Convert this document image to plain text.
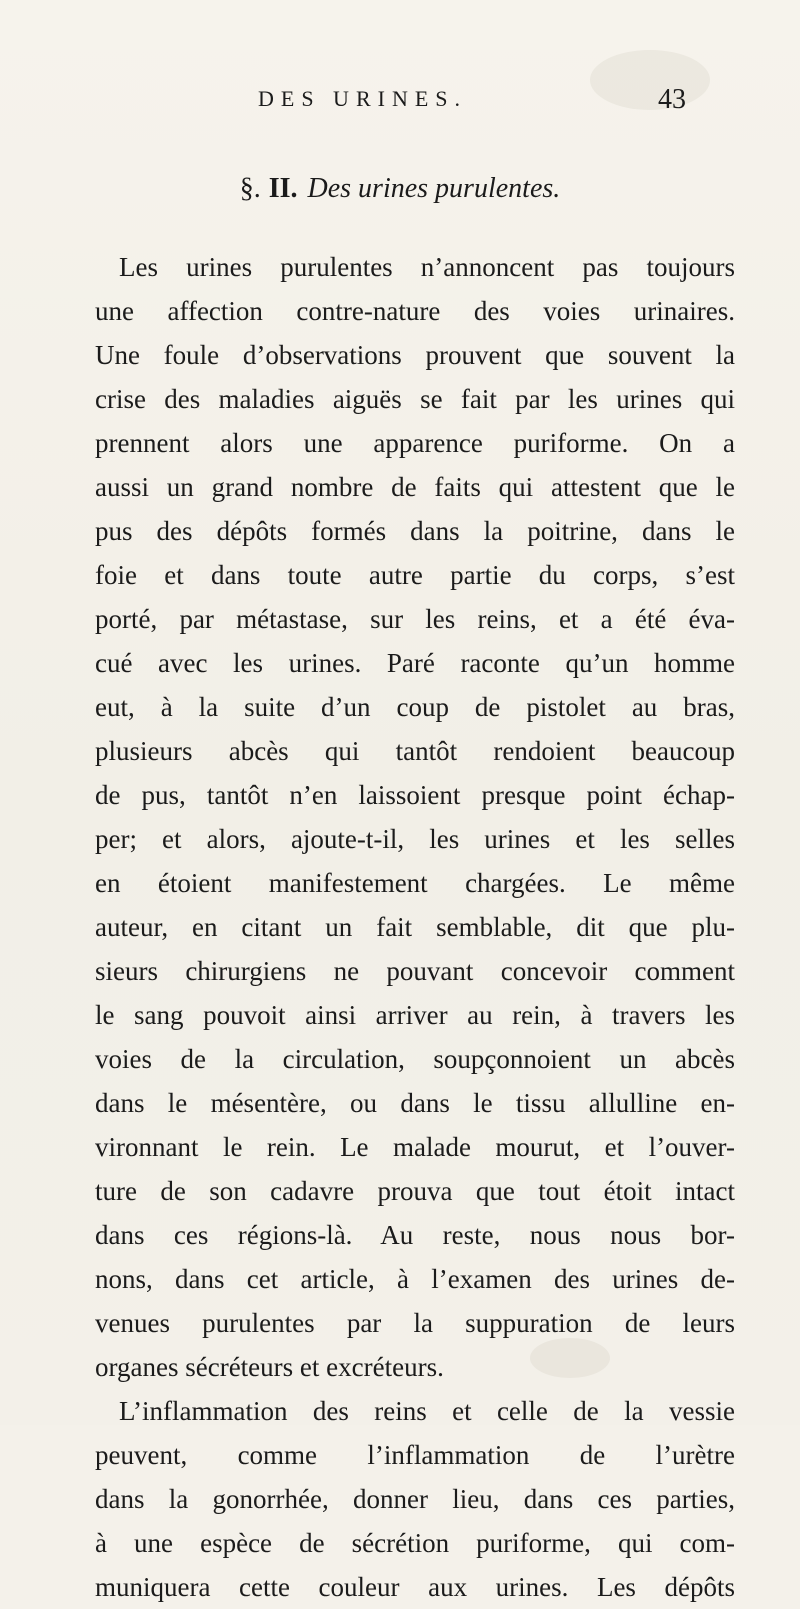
DES URINES.	43
§. II. Des urines purulentes.
Les urines purulentes n’annoncent pas toujours
une affection contre-nature des voies urinaires.
Une foule d’observations prouvent que souvent la
crise des maladies aiguës se fait par les urines qui
prennent alors une apparence puriforme. On a
aussi un grand nombre de faits qui attestent que le
pus des dépôts formés dans la poitrine, dans le
foie et dans toute autre partie du corps, s’est
porté, par métastase, sur les reins, et a été éva-
cué avec les urines. Paré raconte qu’un homme
eut, à la suite d’un coup de pistolet au bras,
plusieurs abcès qui tantôt rendoient beaucoup
de pus, tantôt n’en laissoient presque point échap-
per; et alors, ajoute-t-il, les urines et les selles
en étoient manifestement chargées. Le même
auteur, en citant un fait semblable, dit que plu-
sieurs chirurgiens ne pouvant concevoir comment
le sang pouvoit ainsi arriver au rein, à travers les
voies de la circulation, soupçonnoient un abcès
dans le mésentère, ou dans le tissu allulline en-
vironnant le rein. Le malade mourut, et l’ouver-
ture de son cadavre prouva que tout étoit intact
dans ces régions-là. Au reste, nous nous bor-
nons, dans cet article, à l’examen des urines de-
venues purulentes par la suppuration de leurs
organes sécréteurs et excréteurs.
L’inflammation des reins et celle de la vessie
peuvent, comme l’inflammation de l’urètre
dans la gonorrhée, donner lieu, dans ces parties,
à une espèce de sécrétion puriforme, qui com-
muniquera cette couleur aux urines. Les dépôts
